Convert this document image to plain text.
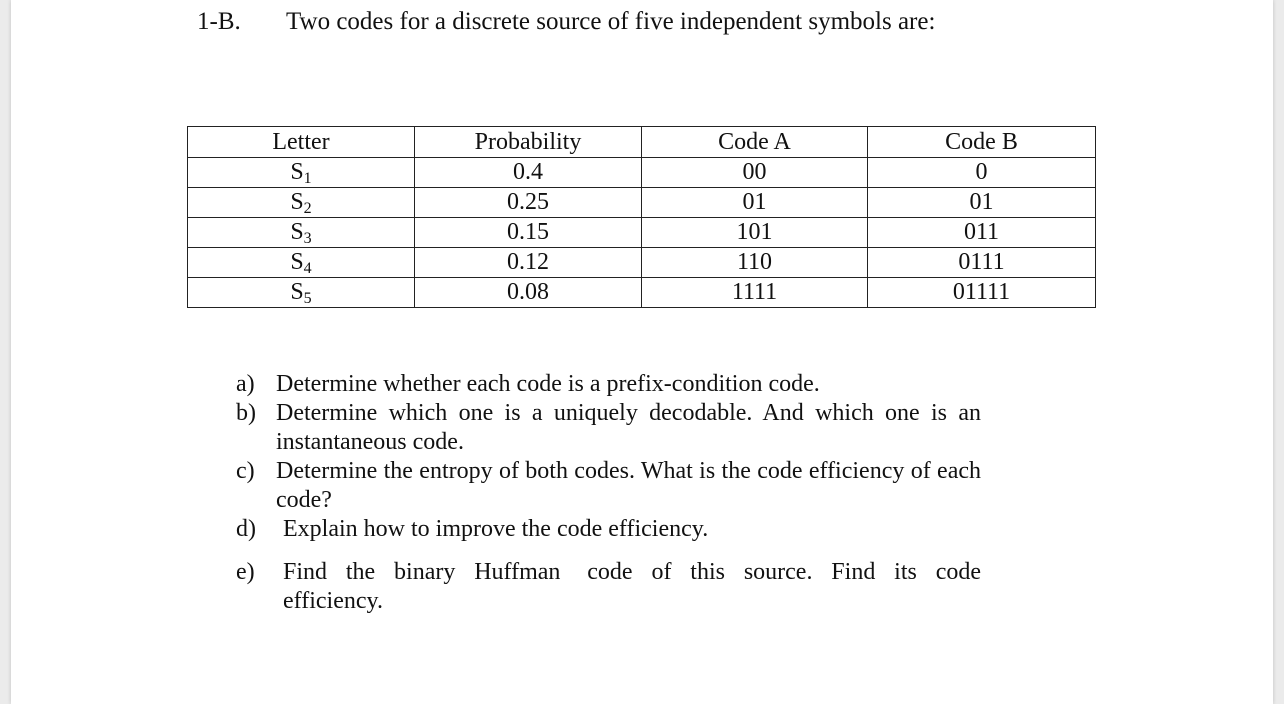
1-B. Two codes for a discrete source of five independent symbols are:
Letter	Probability	Code A	Code B
$S_1$	0.4	00	0
$S_2$	0.25	01	01
$S_3$	0.15	101	011
$S_4$	0.12	110	0111
$S_5$	0.08	1111	01111
a) Determine whether each code is a prefix-condition code.
b) Determine which one is a uniquely decodable. And which one is an instantaneous code.
c) Determine the entropy of both codes. What is the code efficiency of each code?
d)	Explain how to improve the code efficiency.
e)	Find the binary Huffman code of this source. Find its code
efficiency.
